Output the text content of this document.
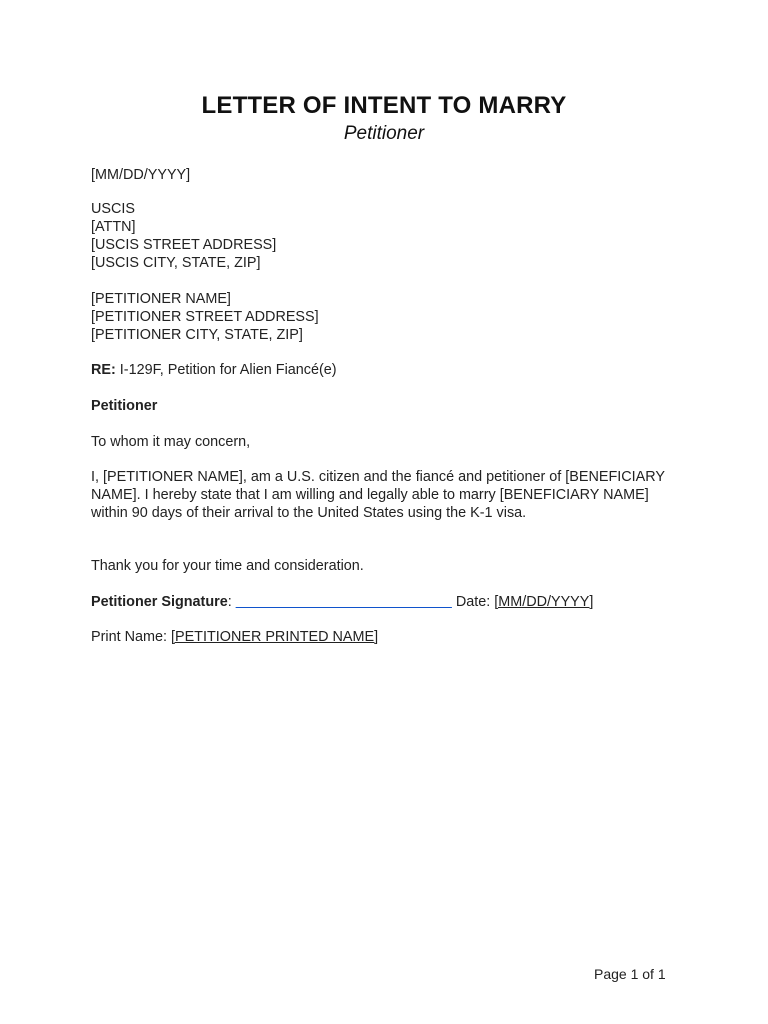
LETTER OF INTENT TO MARRY
Petitioner
[MM/DD/YYYY]
USCIS
[ATTN]
[USCIS STREET ADDRESS]
[USCIS CITY, STATE, ZIP]
[PETITIONER NAME]
[PETITIONER STREET ADDRESS]
[PETITIONER CITY, STATE, ZIP]
RE: I-129F, Petition for Alien Fiancé(e)
Petitioner
To whom it may concern,
I, [PETITIONER NAME], am a U.S. citizen and the fiancé and petitioner of [BENEFICIARY NAME]. I hereby state that I am willing and legally able to marry [BENEFICIARY NAME] within 90 days of their arrival to the United States using the K-1 visa.
Thank you for your time and consideration.
Petitioner Signature: ___________________________ Date: [MM/DD/YYYY]
Print Name: [PETITIONER PRINTED NAME]
Page 1 of 1
